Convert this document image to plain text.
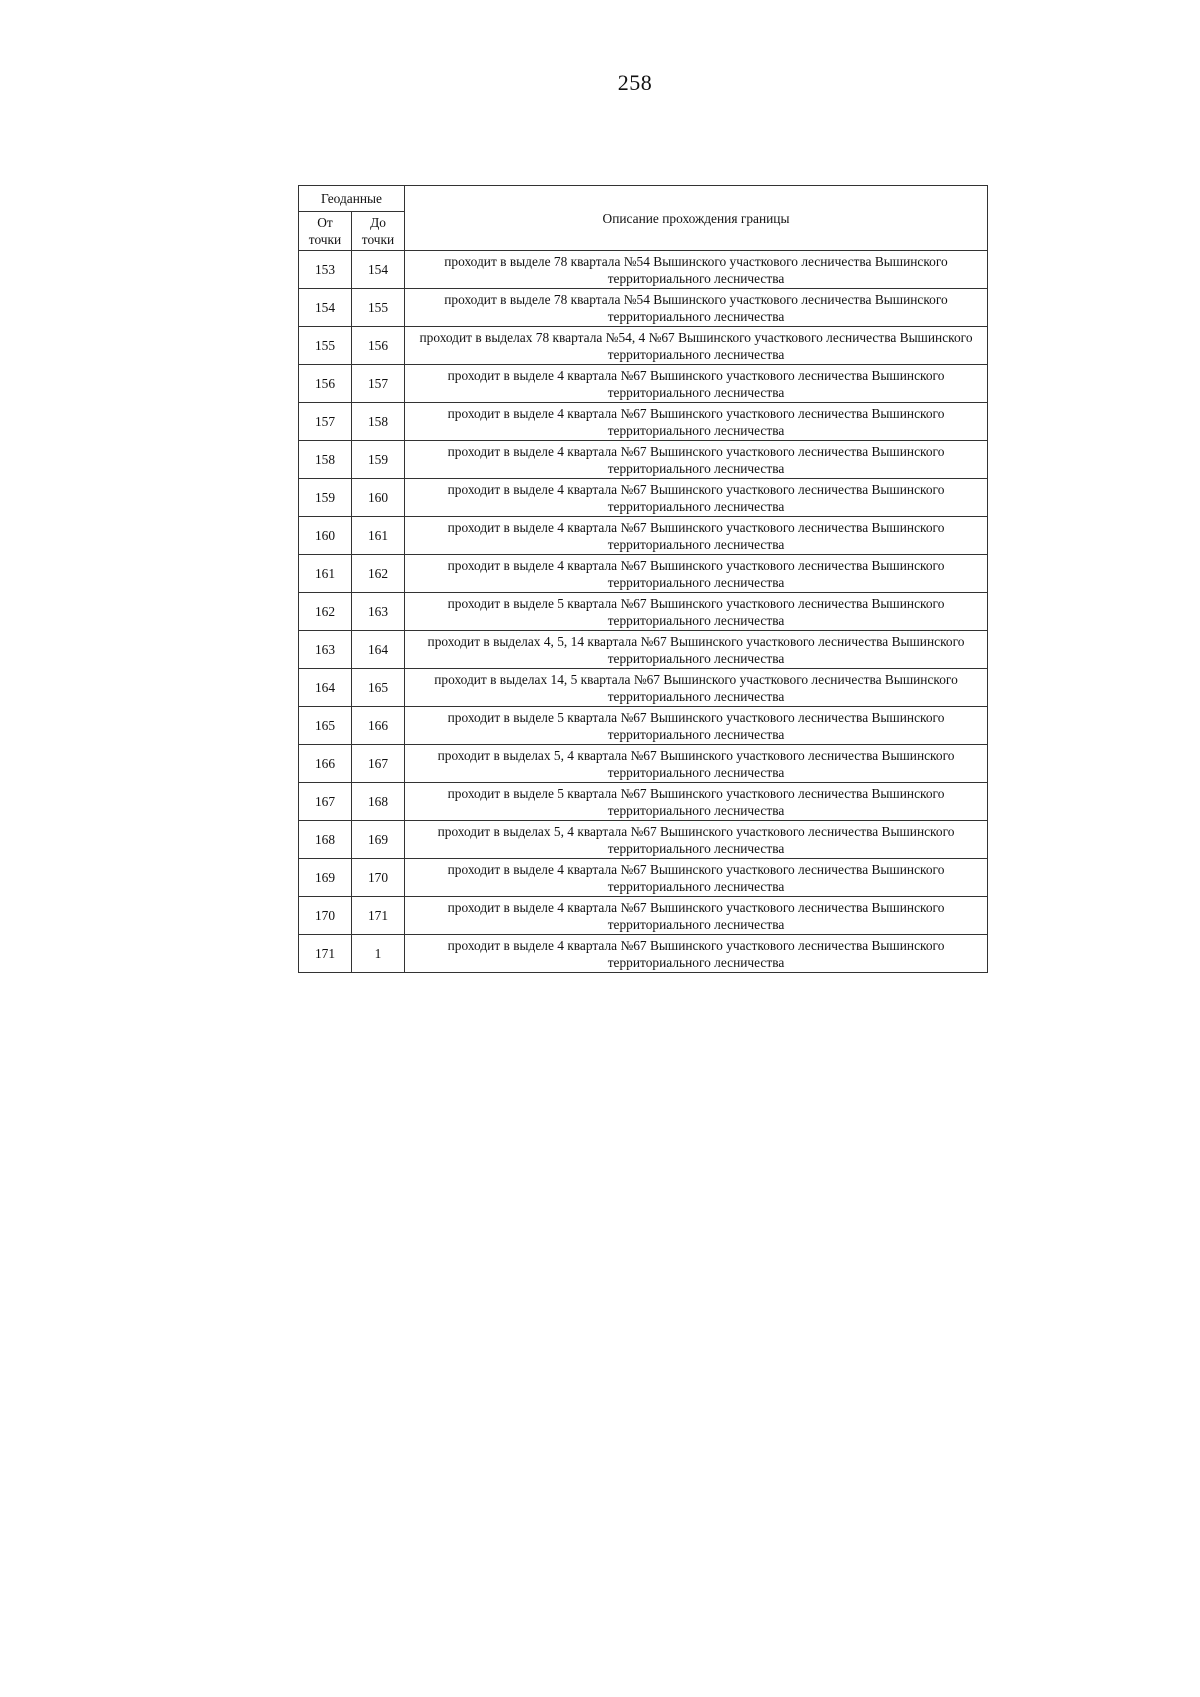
258
Геоданные		Описание прохождения границы
От точки	До точки	
153	154	проходит в выделе 78 квартала №54 Вышинского участкового лесничества Вышинского территориального лесничества
154	155	проходит в выделе 78 квартала №54 Вышинского участкового лесничества Вышинского территориального лесничества
155	156	проходит в выделах 78 квартала №54, 4 №67 Вышинского участкового лесничества Вышинского территориального лесничества
156	157	проходит в выделе 4 квартала №67 Вышинского участкового лесничества Вышинского территориального лесничества
157	158	проходит в выделе 4 квартала №67 Вышинского участкового лесничества Вышинского территориального лесничества
158	159	проходит в выделе 4 квартала №67 Вышинского участкового лесничества Вышинского территориального лесничества
159	160	проходит в выделе 4 квартала №67 Вышинского участкового лесничества Вышинского территориального лесничества
160	161	проходит в выделе 4 квартала №67 Вышинского участкового лесничества Вышинского территориального лесничества
161	162	проходит в выделе 4 квартала №67 Вышинского участкового лесничества Вышинского территориального лесничества
162	163	проходит в выделе 5 квартала №67 Вышинского участкового лесничества Вышинского территориального лесничества
163	164	проходит в выделах 4, 5, 14 квартала №67 Вышинского участкового лесничества Вышинского территориального лесничества
164	165	проходит в выделах 14, 5 квартала №67 Вышинского участкового лесничества Вышинского территориального лесничества
165	166	проходит в выделе 5 квартала №67 Вышинского участкового лесничества Вышинского территориального лесничества
166	167	проходит в выделах 5, 4 квартала №67 Вышинского участкового лесничества Вышинского территориального лесничества
167	168	проходит в выделе 5 квартала №67 Вышинского участкового лесничества Вышинского территориального лесничества
168	169	проходит в выделах 5, 4 квартала №67 Вышинского участкового лесничества Вышинского территориального лесничества
169	170	проходит в выделе 4 квартала №67 Вышинского участкового лесничества Вышинского территориального лесничества
170	171	проходит в выделе 4 квартала №67 Вышинского участкового лесничества Вышинского территориального лесничества
171	1	проходит в выделе 4 квартала №67 Вышинского участкового лесничества Вышинского территориального лесничества
